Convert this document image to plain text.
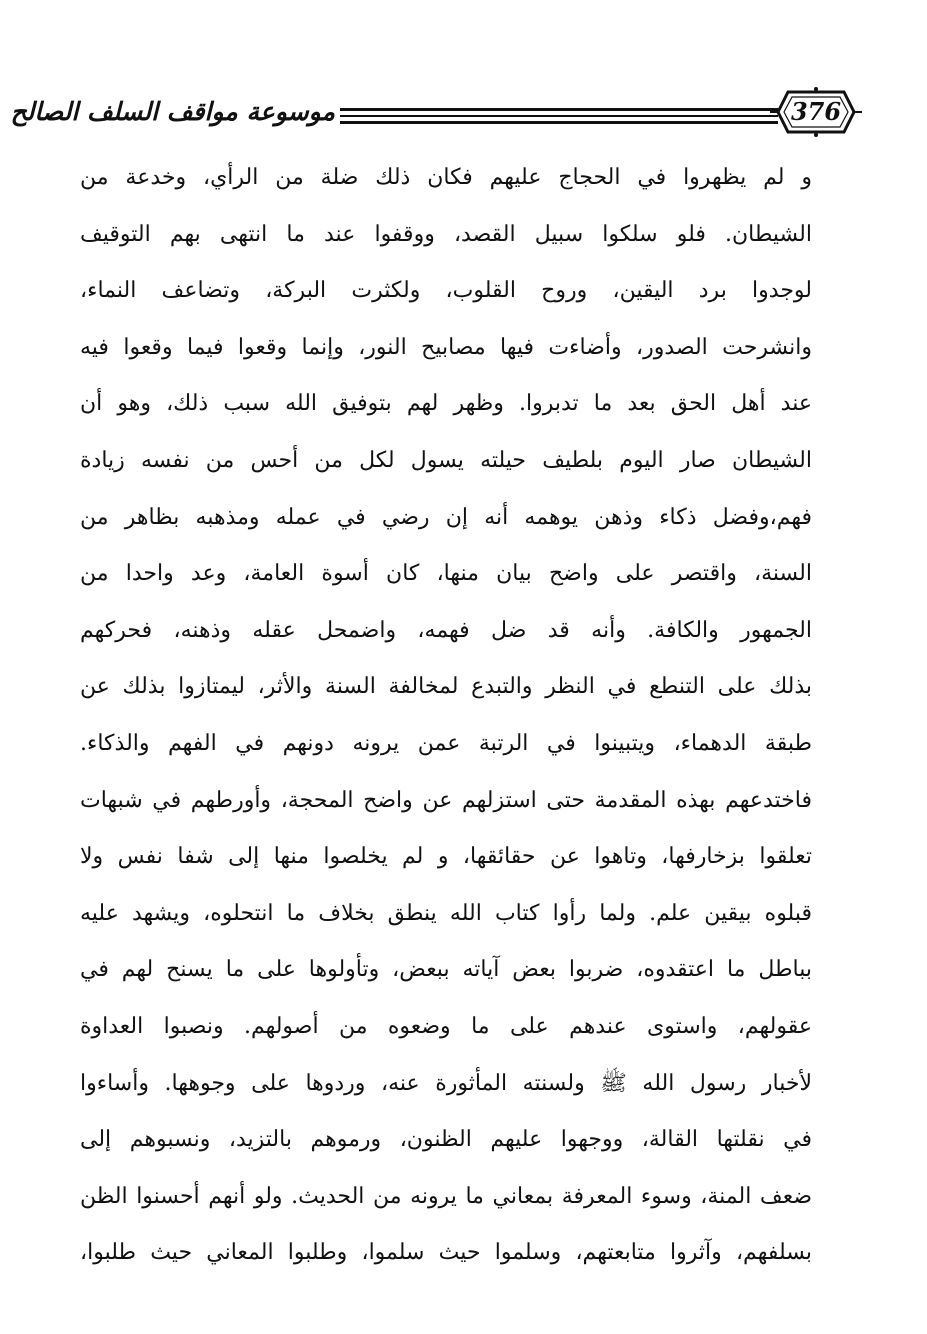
موسوعة مواقف السلف الصالح	376
و لم يظهروا في الحجاج عليهم فكان ذلك ضلة من الرأي، وخدعة من
الشيطان. فلو سلكوا سبيل القصد، ووقفوا عند ما انتهى بهم التوقيف
لوجدوا برد اليقين، وروح القلوب، ولكثرت البركة، وتضاعف النماء،
وانشرحت الصدور، وأضاءت فيها مصابيح النور، وإنما وقعوا فيما وقعوا فيه
عند أهل الحق بعد ما تدبروا. وظهر لهم بتوفيق الله سبب ذلك، وهو أن
الشيطان صار اليوم بلطيف حيلته يسول لكل من أحس من نفسه زيادة
فهم،وفضل ذكاء وذهن يوهمه أنه إن رضي في عمله ومذهبه بظاهر من
السنة، واقتصر على واضح بيان منها، كان أسوة العامة، وعد واحدا من
الجمهور والكافة. وأنه قد ضل فهمه، واضمحل عقله وذهنه، فحركهم
بذلك على التنطع في النظر والتبدع لمخالفة السنة والأثر، ليمتازوا بذلك عن
طبقة الدهماء، ويتبينوا في الرتبة عمن يرونه دونهم في الفهم والذكاء.
فاختدعهم بهذه المقدمة حتى استزلهم عن واضح المحجة، وأورطهم في شبهات
تعلقوا بزخارفها، وتاهوا عن حقائقها، و لم يخلصوا منها إلى شفا نفس ولا
قبلوه بيقين علم. ولما رأوا كتاب الله ينطق بخلاف ما انتحلوه، ويشهد عليه
بباطل ما اعتقدوه، ضربوا بعض آياته ببعض، وتأولوها على ما يسنح لهم في
عقولهم، واستوى عندهم على ما وضعوه من أصولهم. ونصبوا العداوة
لأخبار رسول الله ﷺ ولسنته المأثورة عنه، وردوها على وجوهها. وأساءوا
في نقلتها القالة، ووجهوا عليهم الظنون، ورموهم بالتزيد، ونسبوهم إلى
ضعف المنة، وسوء المعرفة بمعاني ما يرونه من الحديث. ولو أنهم أحسنوا الظن
بسلفهم، وآثروا متابعتهم، وسلموا حيث سلموا، وطلبوا المعاني حيث طلبوا،
